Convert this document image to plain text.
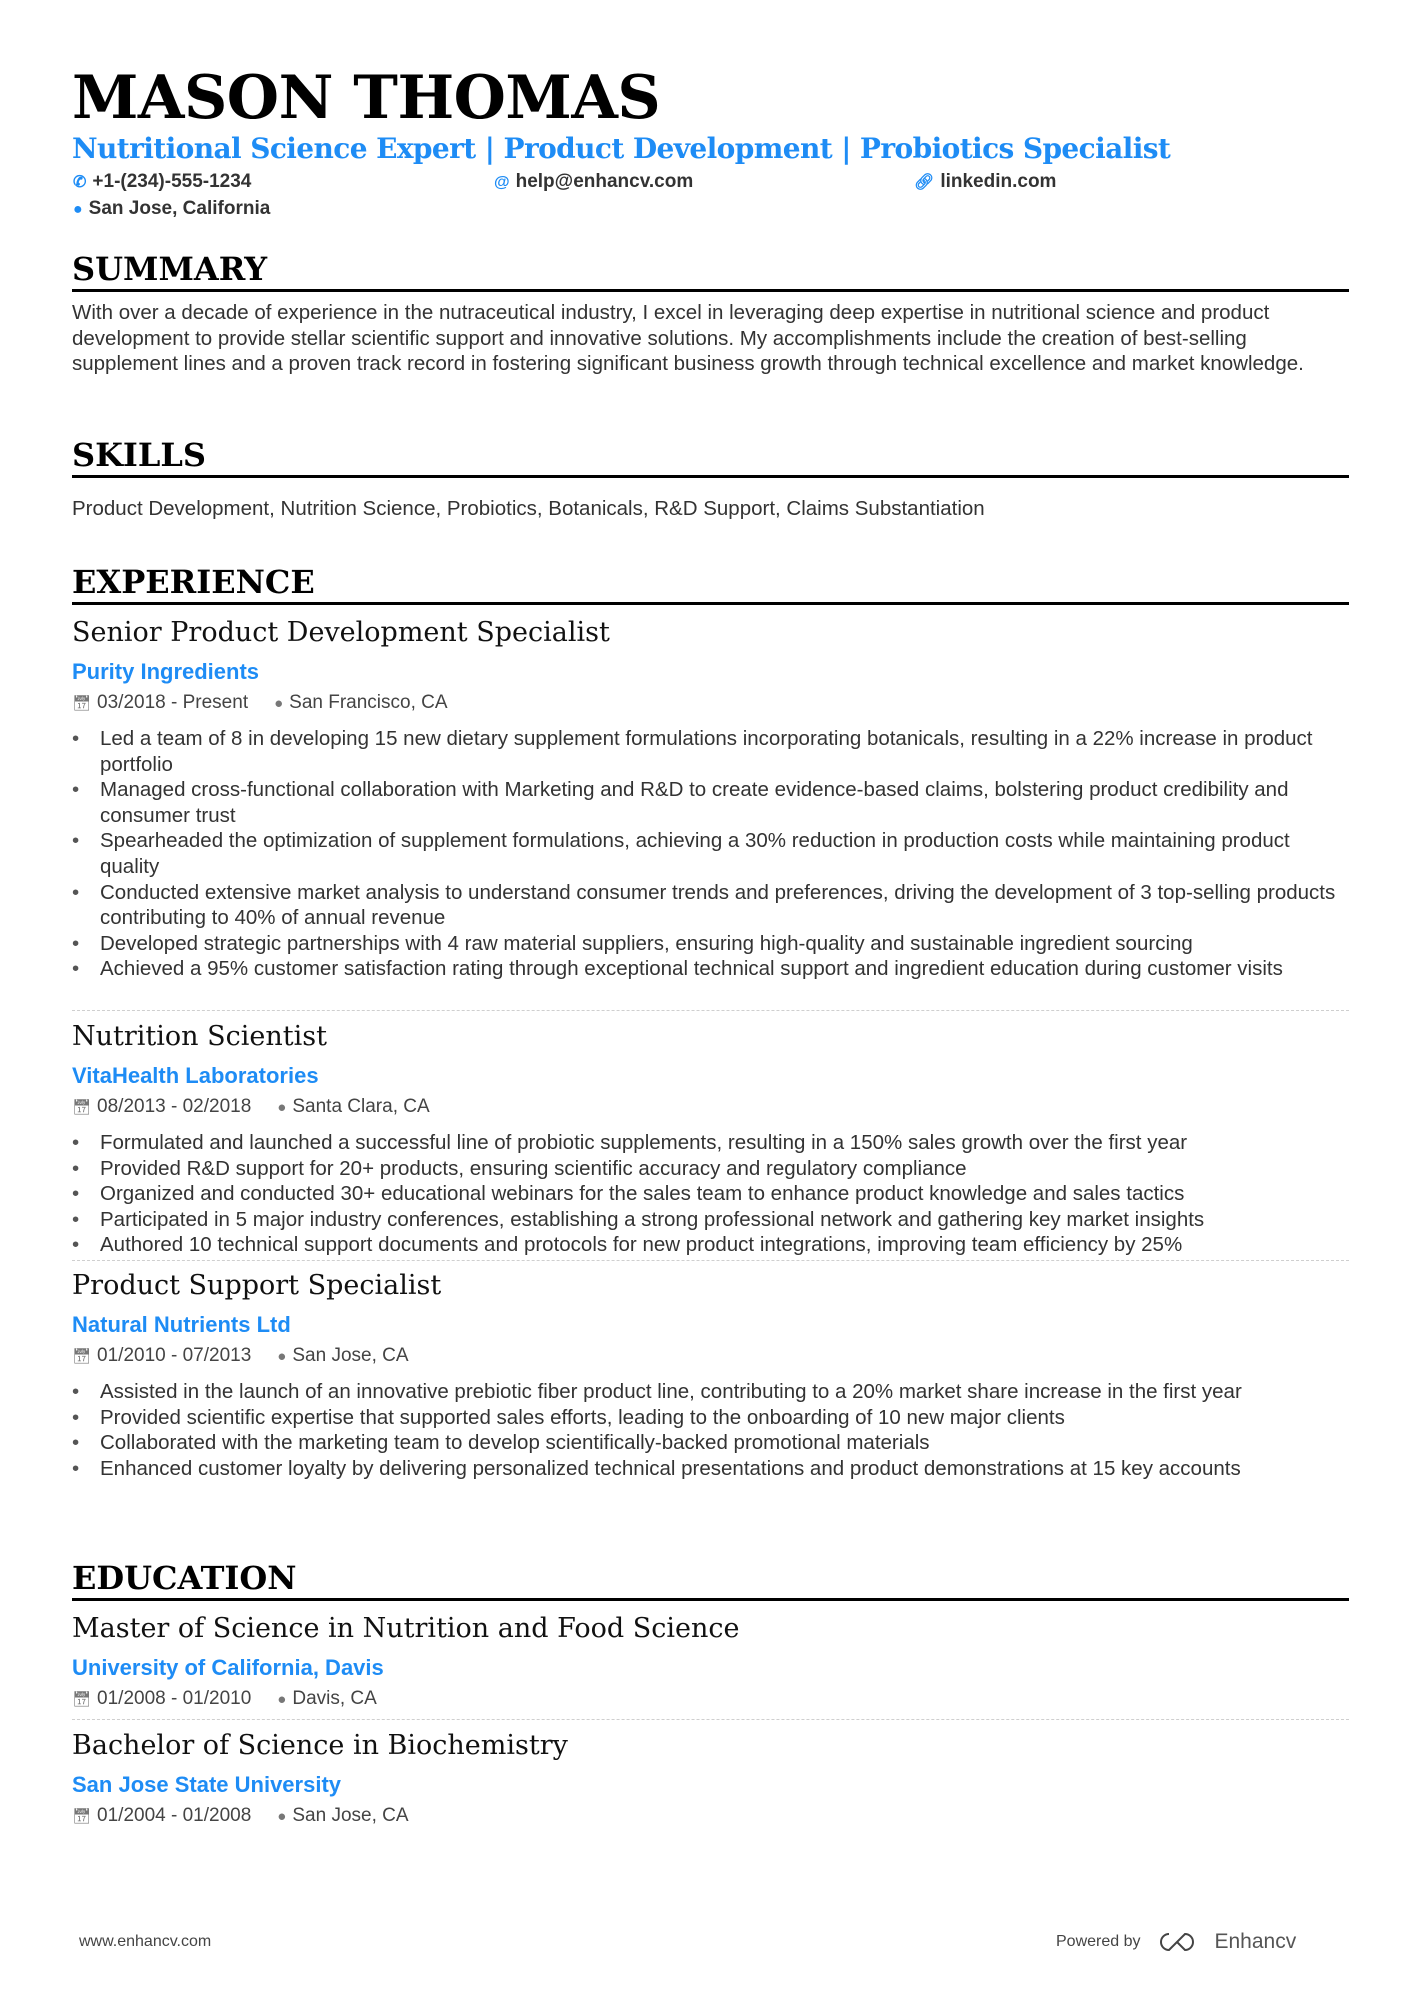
MASON THOMAS
Nutritional Science Expert | Product Development | Probiotics Specialist
✆ +1-(234)-555-1234	@ help@enhancv.com	🔗︎ linkedin.com
● San Jose, California
SUMMARY
With over a decade of experience in the nutraceutical industry, I excel in leveraging deep expertise in nutritional science and product development to provide stellar scientific support and innovative solutions. My accomplishments include the creation of best-selling supplement lines and a proven track record in fostering significant business growth through technical excellence and market knowledge.
SKILLS
Product Development, Nutrition Science, Probiotics, Botanicals, R&D Support, Claims Substantiation
EXPERIENCE
Senior Product Development Specialist
Purity Ingredients
📅︎ 03/2018 - Present ● San Francisco, CA
• Led a team of 8 in developing 15 new dietary supplement formulations incorporating botanicals, resulting in a 22% increase in product portfolio
• Managed cross-functional collaboration with Marketing and R&D to create evidence-based claims, bolstering product credibility and consumer trust
• Spearheaded the optimization of supplement formulations, achieving a 30% reduction in production costs while maintaining product quality
• Conducted extensive market analysis to understand consumer trends and preferences, driving the development of 3 top-selling products contributing to 40% of annual revenue
• Developed strategic partnerships with 4 raw material suppliers, ensuring high-quality and sustainable ingredient sourcing
• Achieved a 95% customer satisfaction rating through exceptional technical support and ingredient education during customer visits
Nutrition Scientist
VitaHealth Laboratories
📅︎ 08/2013 - 02/2018 ● Santa Clara, CA
• Formulated and launched a successful line of probiotic supplements, resulting in a 150% sales growth over the first year
• Provided R&D support for 20+ products, ensuring scientific accuracy and regulatory compliance
• Organized and conducted 30+ educational webinars for the sales team to enhance product knowledge and sales tactics
• Participated in 5 major industry conferences, establishing a strong professional network and gathering key market insights
• Authored 10 technical support documents and protocols for new product integrations, improving team efficiency by 25%
Product Support Specialist
Natural Nutrients Ltd
📅︎ 01/2010 - 07/2013 ● San Jose, CA
• Assisted in the launch of an innovative prebiotic fiber product line, contributing to a 20% market share increase in the first year
• Provided scientific expertise that supported sales efforts, leading to the onboarding of 10 new major clients
• Collaborated with the marketing team to develop scientifically-backed promotional materials
• Enhanced customer loyalty by delivering personalized technical presentations and product demonstrations at 15 key accounts
EDUCATION
Master of Science in Nutrition and Food Science
University of California, Davis
📅︎ 01/2008 - 01/2010 ● Davis, CA
Bachelor of Science in Biochemistry
San Jose State University
📅︎ 01/2004 - 01/2008 ● San Jose, CA
www.enhancv.com	Powered by	Enhancv
